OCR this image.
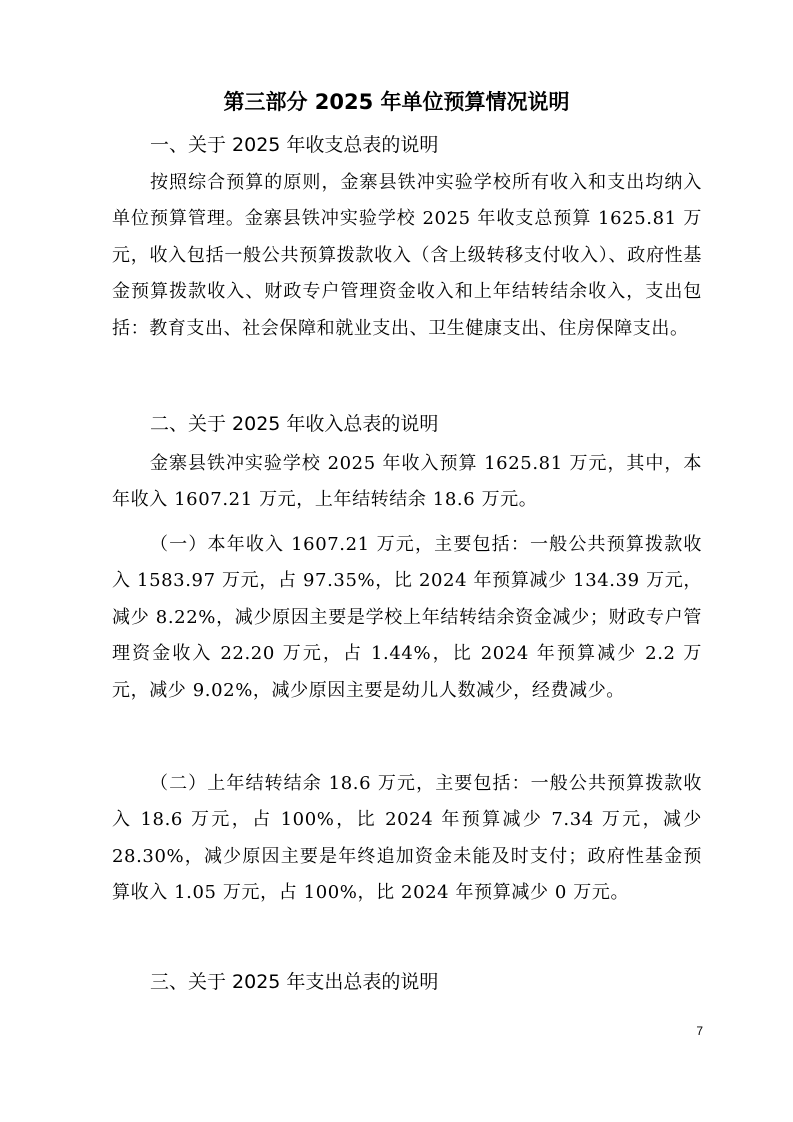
第三部分 2025 年单位预算情况说明
一、关于 2025 年收支总表的说明

按照综合预算的原则，金寨县铁冲实验学校所有收入和支出均纳入单位预算管理。金寨县铁冲实验学校 2025 年收支总预算 1625.81 万元，收入包括一般公共预算拨款收入（含上级转移支付收入）、政府性基金预算拨款收入、财政专户管理资金收入和上年结转结余收入，支出包括：教育支出、社会保障和就业支出、卫生健康支出、住房保障支出。

二、关于 2025 年收入总表的说明

金寨县铁冲实验学校 2025 年收入预算 1625.81 万元，其中，本年收入 1607.21 万元，上年结转结余 18.6 万元。

（一）本年收入 1607.21 万元，主要包括：一般公共预算拨款收入 1583.97 万元，占 97.35%，比 2024 年预算减少 134.39 万元，减少 8.22%，减少原因主要是学校上年结转结余资金减少；财政专户管理资金收入 22.20 万元，占 1.44%，比 2024 年预算减少 2.2 万元，减少 9.02%，减少原因主要是幼儿人数减少，经费减少。

（二）上年结转结余 18.6 万元，主要包括：一般公共预算拨款收入 18.6 万元，占 100%，比 2024 年预算减少 7.34 万元，减少 28.30%，减少原因主要是年终追加资金未能及时支付；政府性基金预算收入 1.05 万元，占 100%，比 2024 年预算减少 0 万元。

三、关于 2025 年支出总表的说明

7
